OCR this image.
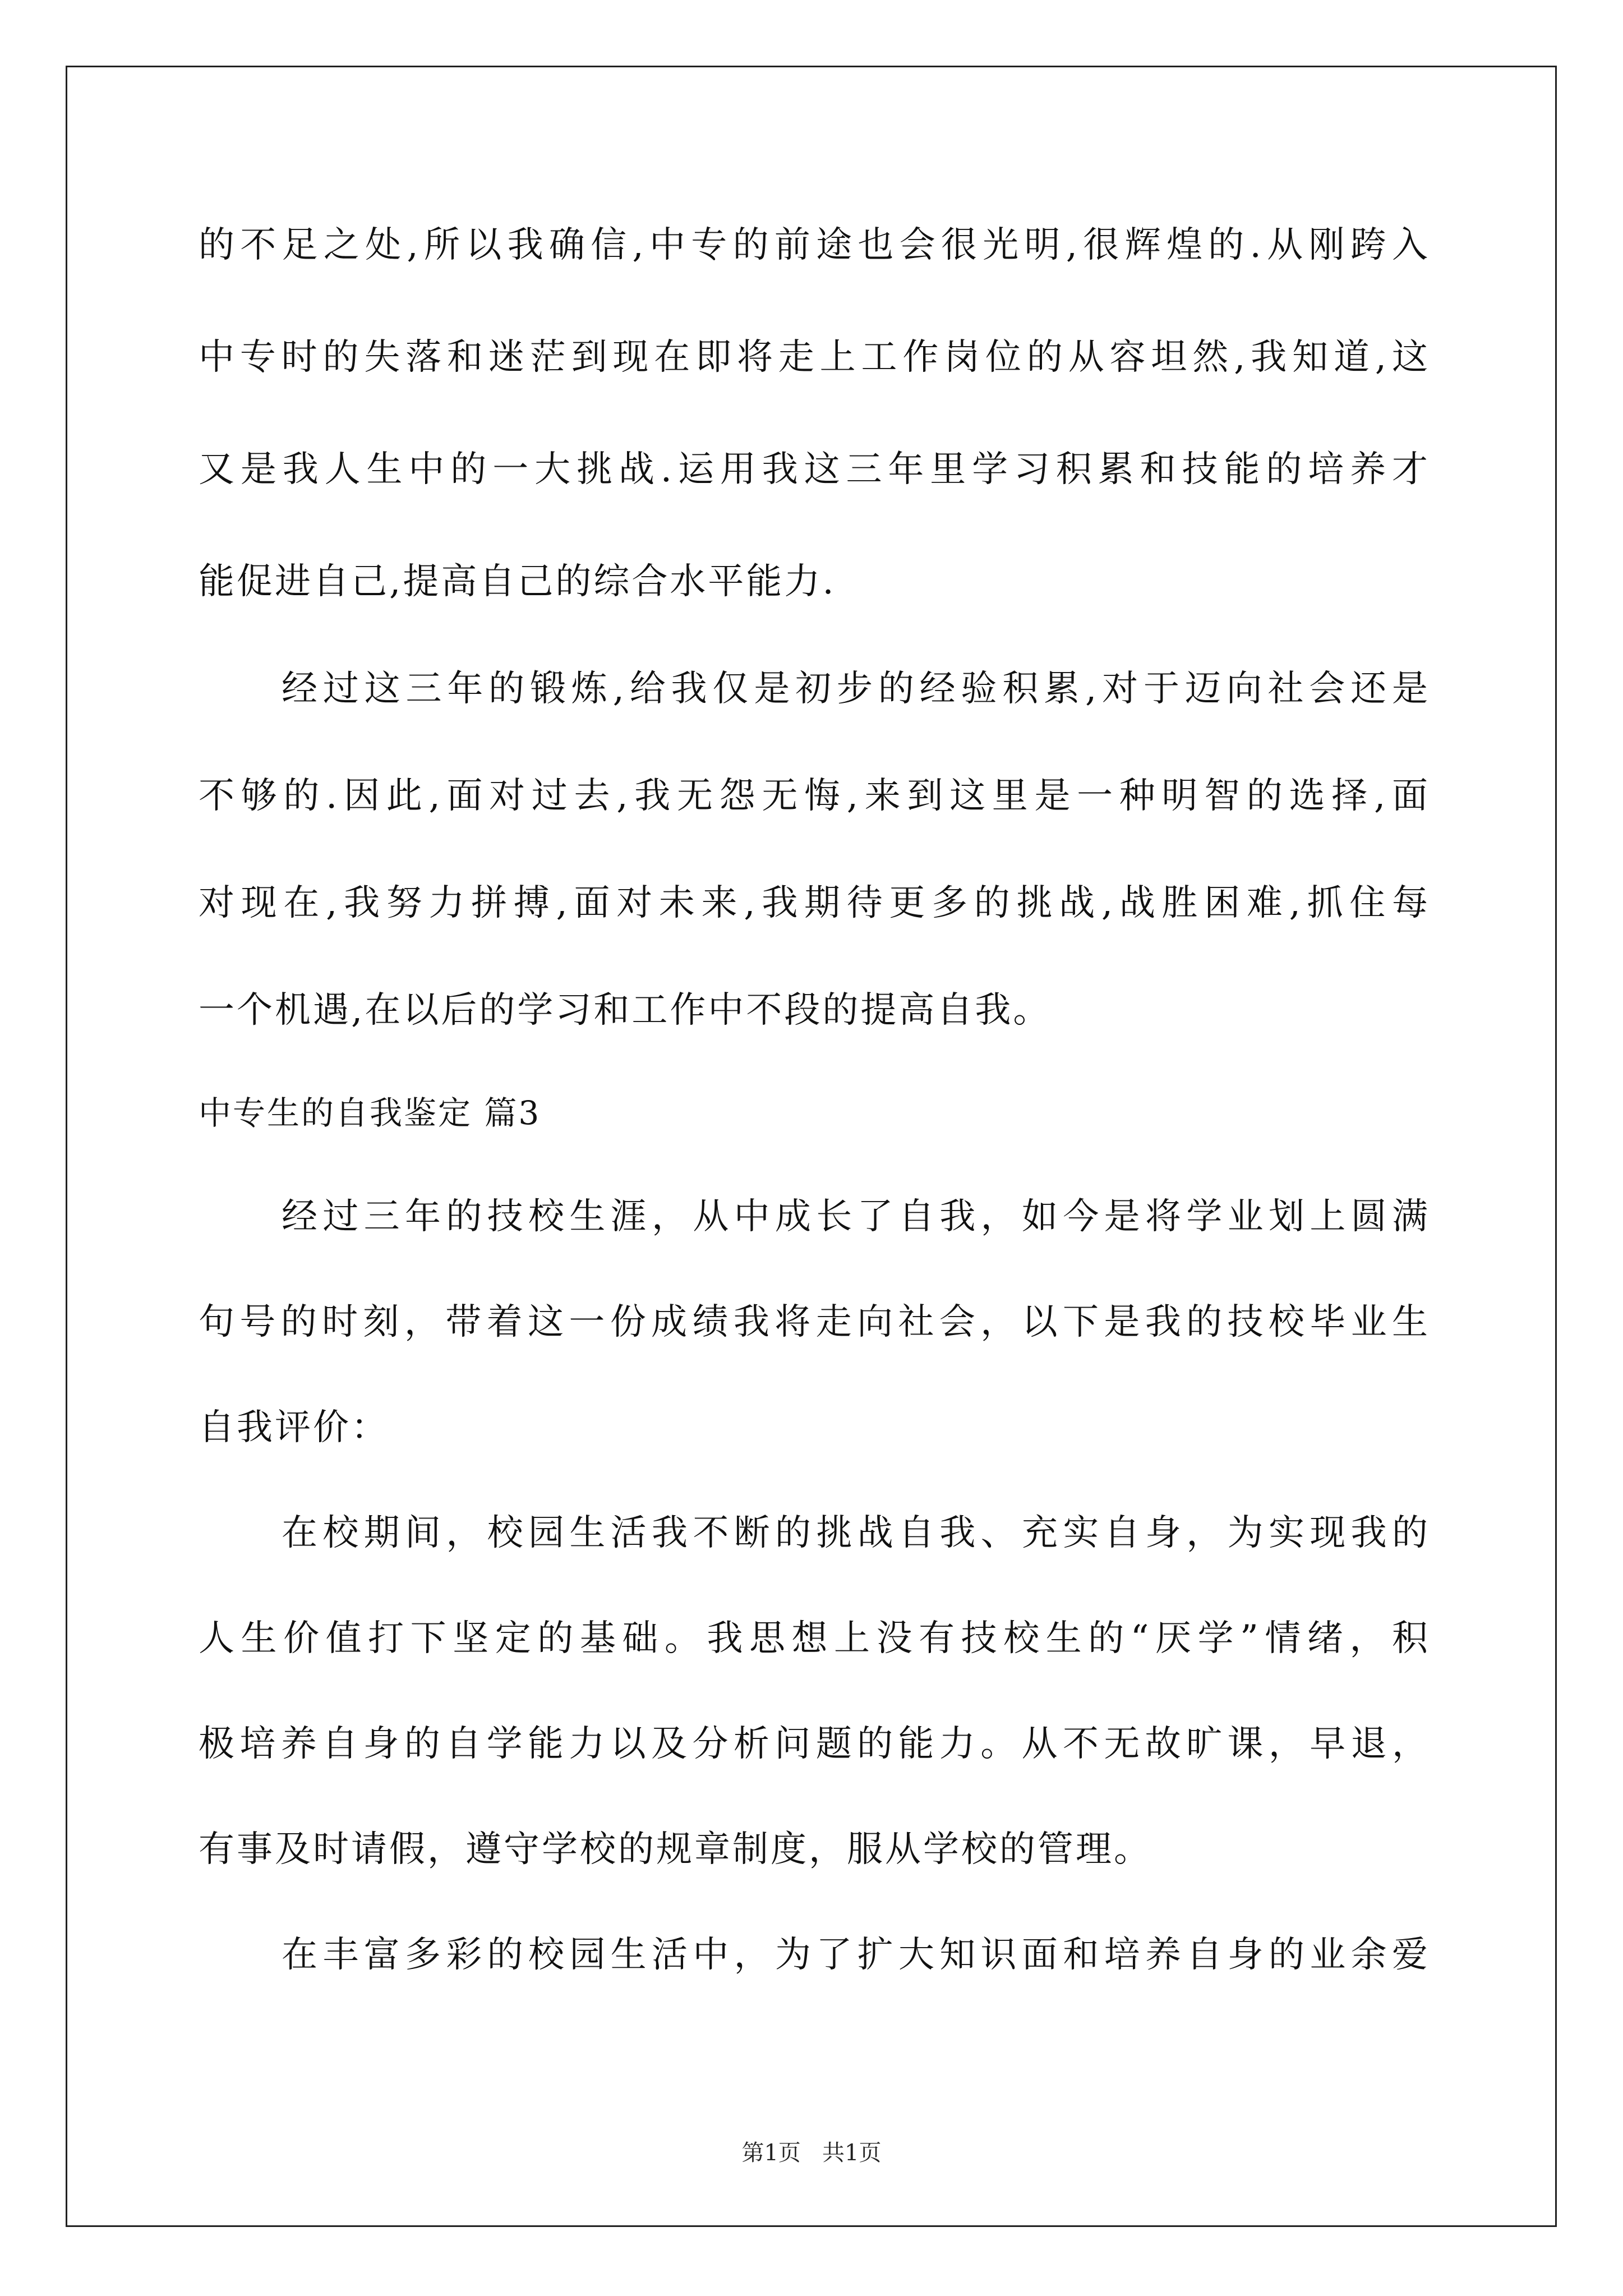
的不足之处,所以我确信,中专的前途也会很光明,很辉煌的.从刚跨入
中专时的失落和迷茫到现在即将走上工作岗位的从容坦然,我知道,这
又是我人生中的一大挑战.运用我这三年里学习积累和技能的培养才
能促进自己,提高自己的综合水平能力.
经过这三年的锻炼,给我仅是初步的经验积累,对于迈向社会还是
不够的.因此,面对过去,我无怨无悔,来到这里是一种明智的选择,面
对现在,我努力拼搏,面对未来,我期待更多的挑战,战胜困难,抓住每
一个机遇,在以后的学习和工作中不段的提高自我。
中专生的自我鉴定 篇3
经过三年的技校生涯，从中成长了自我，如今是将学业划上圆满
句号的时刻，带着这一份成绩我将走向社会，以下是我的技校毕业生
自我评价：
在校期间，校园生活我不断的挑战自我、充实自身，为实现我的
人生价值打下坚定的基础。我思想上没有技校生的“厌学”情绪，积
极培养自身的自学能力以及分析问题的能力。从不无故旷课，早退，
有事及时请假，遵守学校的规章制度，服从学校的管理。
在丰富多彩的校园生活中，为了扩大知识面和培养自身的业余爱
第1页   共1页
